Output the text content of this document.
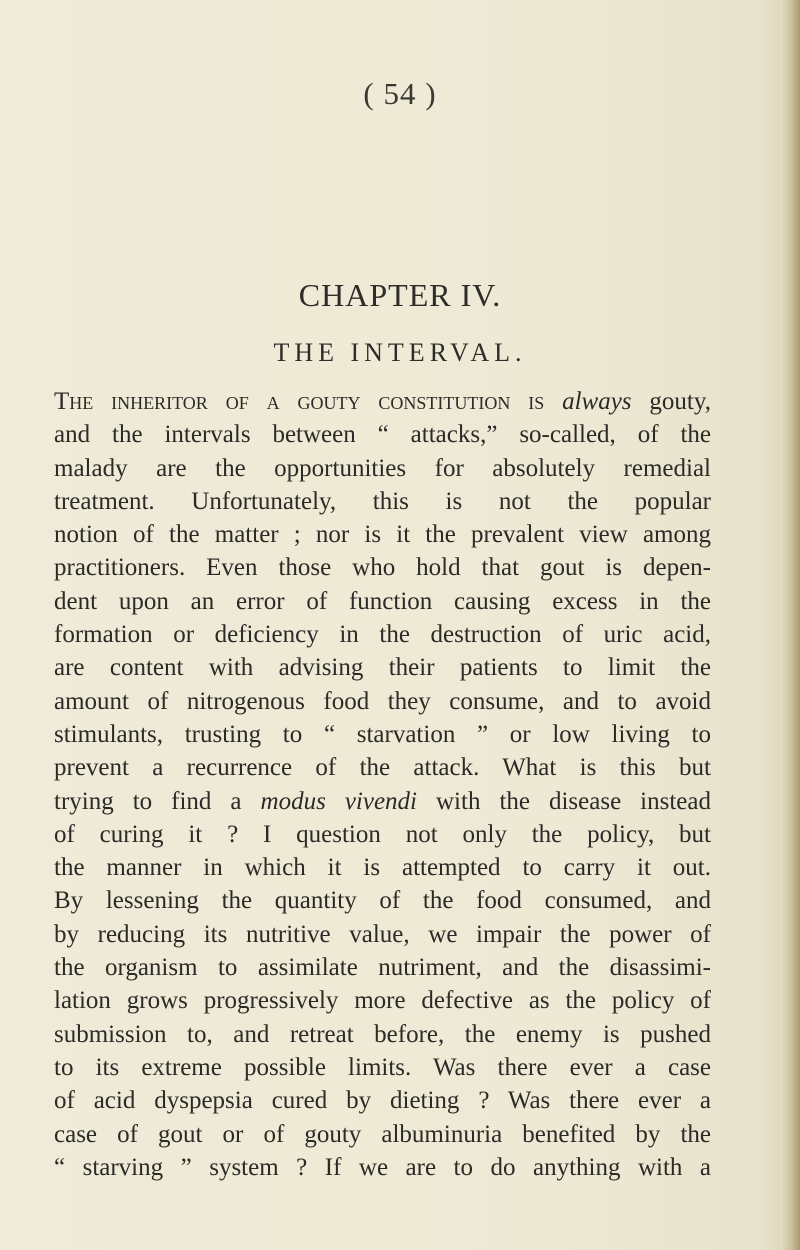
( 54 )
CHAPTER IV.
THE INTERVAL.
The inheritor of a gouty constitution is always gouty,
and the intervals between “ attacks,” so-called, of the
malady are the opportunities for absolutely remedial
treatment. Unfortunately, this is not the popular
notion of the matter ; nor is it the prevalent view among
practitioners. Even those who hold that gout is depen-
dent upon an error of function causing excess in the
formation or deficiency in the destruction of uric acid,
are content with advising their patients to limit the
amount of nitrogenous food they consume, and to avoid
stimulants, trusting to “ starvation ” or low living to
prevent a recurrence of the attack. What is this but
trying to find a modus vivendi with the disease instead
of curing it ? I question not only the policy, but
the manner in which it is attempted to carry it out.
By lessening the quantity of the food consumed, and
by reducing its nutritive value, we impair the power of
the organism to assimilate nutriment, and the disassimi-
lation grows progressively more defective as the policy of
submission to, and retreat before, the enemy is pushed
to its extreme possible limits. Was there ever a case
of acid dyspepsia cured by dieting ? Was there ever a
case of gout or of gouty albuminuria benefited by the
“ starving ” system ? If we are to do anything with a
